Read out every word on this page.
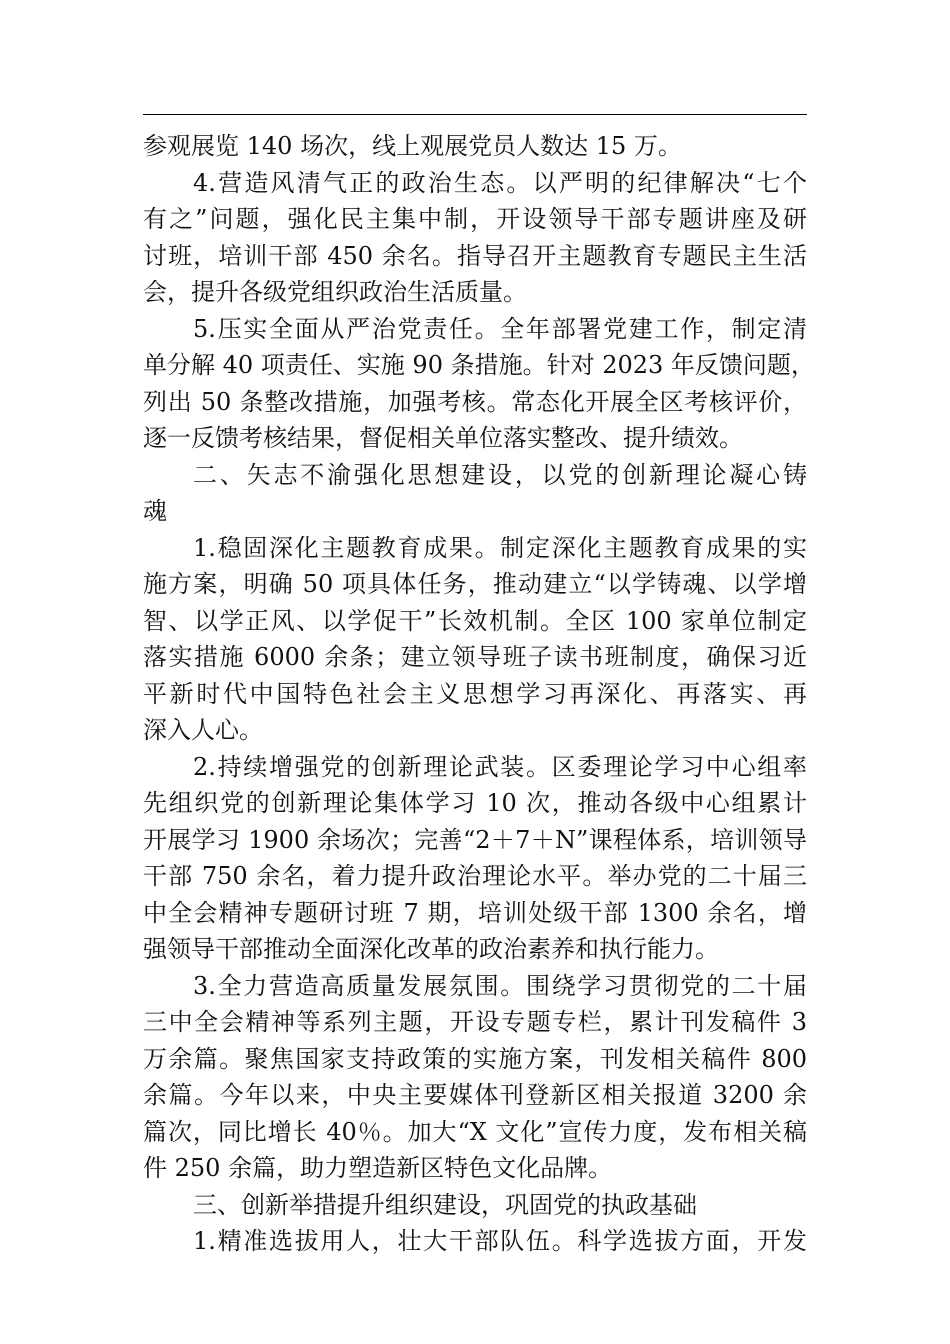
参观展览 140 场次，线上观展党员人数达 15 万。
4.营造风清气正的政治生态。以严明的纪律解决“七个
有之”问题，强化民主集中制，开设领导干部专题讲座及研
讨班，培训干部 450 余名。指导召开主题教育专题民主生活
会，提升各级党组织政治生活质量。
5.压实全面从严治党责任。全年部署党建工作，制定清
单分解 40 项责任、实施 90 条措施。针对 2023 年反馈问题，
列出 50 条整改措施，加强考核。常态化开展全区考核评价，
逐一反馈考核结果，督促相关单位落实整改、提升绩效。
二、矢志不渝强化思想建设，以党的创新理论凝心铸
魂
1.稳固深化主题教育成果。制定深化主题教育成果的实
施方案，明确 50 项具体任务，推动建立“以学铸魂、以学增
智、以学正风、以学促干”长效机制。全区 100 家单位制定
落实措施 6000 余条；建立领导班子读书班制度，确保习近
平新时代中国特色社会主义思想学习再深化、再落实、再
深入人心。
2.持续增强党的创新理论武装。区委理论学习中心组率
先组织党的创新理论集体学习 10 次，推动各级中心组累计
开展学习 1900 余场次；完善“2＋7＋N”课程体系，培训领导
干部 750 余名，着力提升政治理论水平。举办党的二十届三
中全会精神专题研讨班 7 期，培训处级干部 1300 余名，增
强领导干部推动全面深化改革的政治素养和执行能力。
3.全力营造高质量发展氛围。围绕学习贯彻党的二十届
三中全会精神等系列主题，开设专题专栏，累计刊发稿件 3
万余篇。聚焦国家支持政策的实施方案，刊发相关稿件 800
余篇。今年以来，中央主要媒体刊登新区相关报道 3200 余
篇次，同比增长 40％。加大“X 文化”宣传力度，发布相关稿
件 250 余篇，助力塑造新区特色文化品牌。
三、创新举措提升组织建设，巩固党的执政基础
1.精准选拔用人，壮大干部队伍。科学选拔方面，开发
